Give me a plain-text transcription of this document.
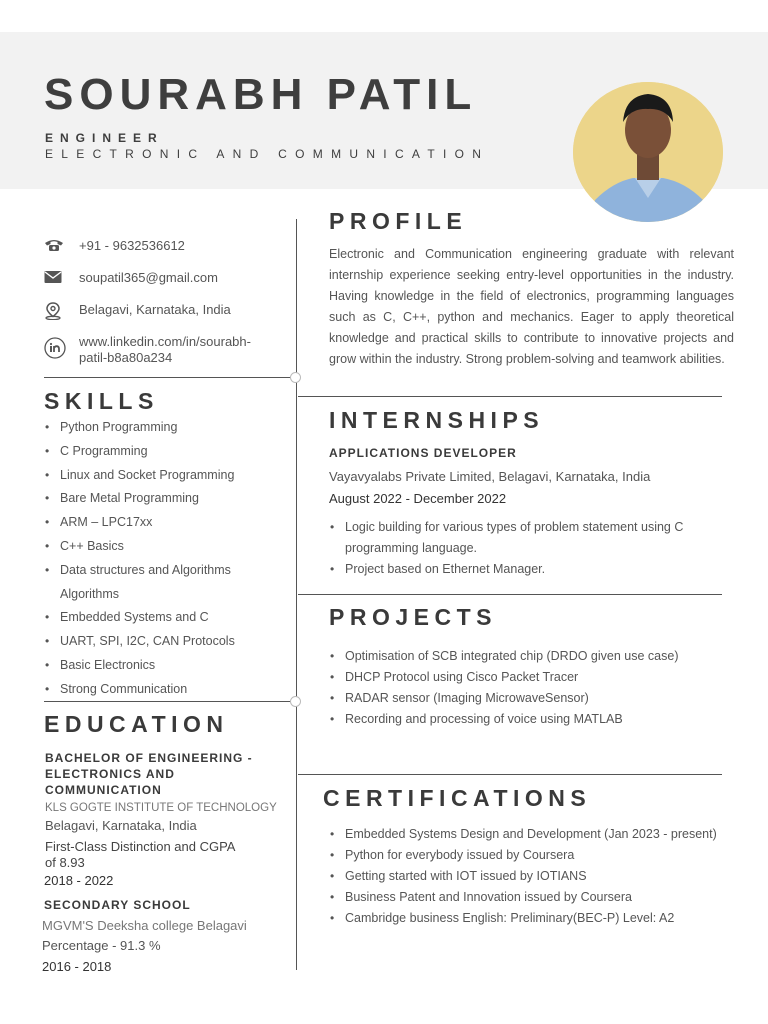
SOURABH PATIL
ENGINEER
ELECTRONIC AND COMMUNICATION
+91 - 9632536612
soupatil365@gmail.com
Belagavi, Karnataka, India
www.linkedin.com/in/sourabh-patil-b8a80a234
SKILLS
• Python Programming
• C Programming
• Linux and Socket Programming
• Bare Metal Programming
• ARM – LPC17xx
• C++ Basics
• Data structures and Algorithms Algorithms
• Embedded Systems and C
• UART, SPI, I2C, CAN Protocols
• Basic Electronics
• Strong Communication
EDUCATION
BACHELOR OF ENGINEERING - ELECTRONICS AND COMMUNICATION
KLS GOGTE INSTITUTE OF TECHNOLOGY
Belagavi, Karnataka, India
First-Class Distinction and CGPA of 8.93
2018 - 2022
SECONDARY SCHOOL
MGVM'S Deeksha college Belagavi
Percentage - 91.3 %
2016 - 2018
PROFILE
Electronic and Communication engineering graduate with relevant internship experience seeking entry-level opportunities in the industry. Having knowledge in the field of electronics, programming languages such as C, C++, python and mechanics. Eager to apply theoretical knowledge and practical skills to contribute to innovative projects and grow within the industry. Strong problem-solving and teamwork abilities.
INTERNSHIPS
APPLICATIONS DEVELOPER
Vayavyalabs Private Limited, Belagavi, Karnataka, India
August 2022 - December 2022
• Logic building for various types of problem statement using C programming language.
• Project based on Ethernet Manager.
PROJECTS
• Optimisation of SCB integrated chip (DRDO given use case)
• DHCP Protocol using Cisco Packet Tracer
• RADAR sensor (Imaging MicrowaveSensor)
• Recording and processing of voice using MATLAB
CERTIFICATIONS
• Embedded Systems Design and Development (Jan 2023 - present)
• Python for everybody issued by Coursera
• Getting started with IOT issued by IOTIANS
• Business Patent and Innovation issued by Coursera
• Cambridge business English: Preliminary(BEC-P) Level: A2
